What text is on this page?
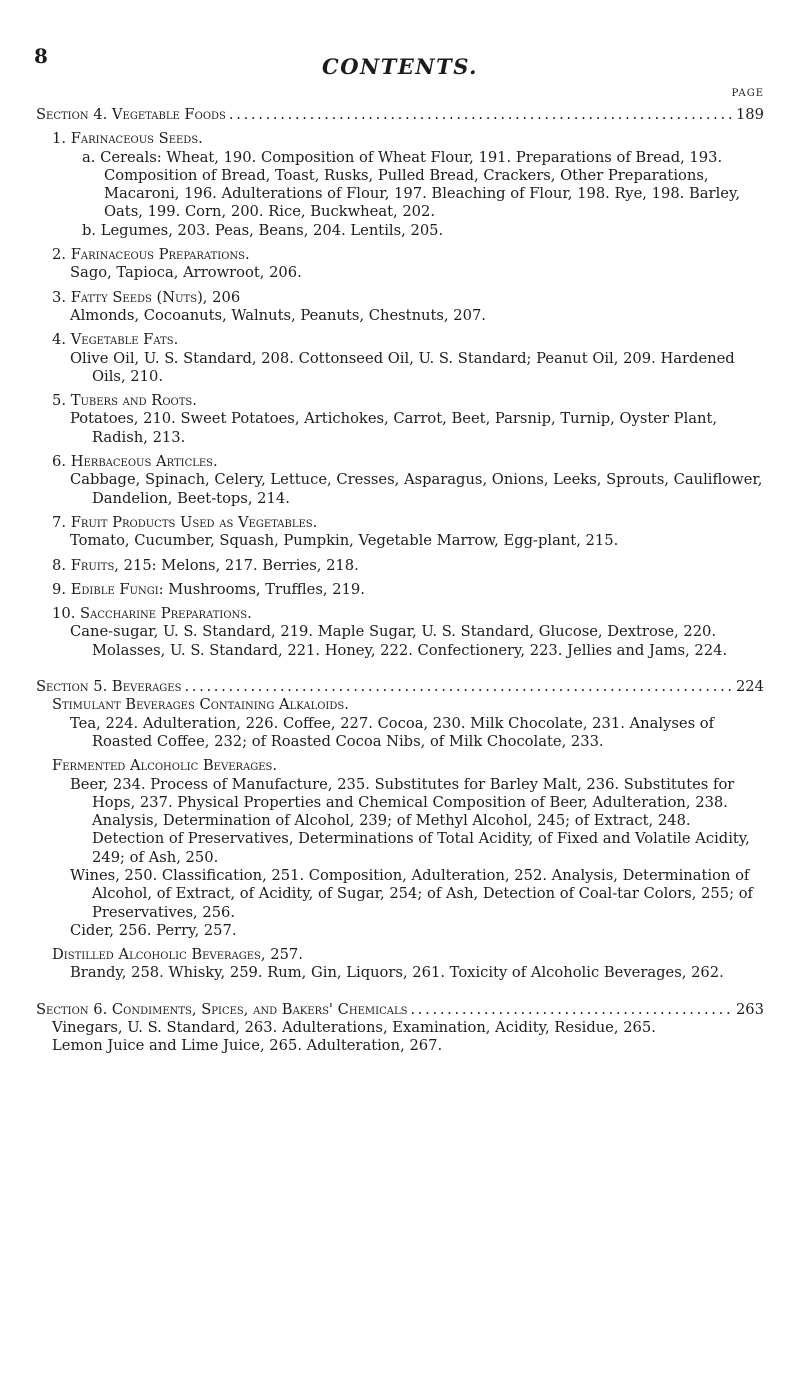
8	CONTENTS.
PAGE
Section 4. Vegetable Foods . . .	189
1. Farinaceous Seeds.
a. Cereals: Wheat, 190. Composition of Wheat Flour, 191. Preparations of Bread, 193. Composition of Bread, Toast, Rusks, Pulled Bread, Crackers, Other Preparations, Macaroni, 196. Adulterations of Flour, 197. Bleaching of Flour, 198. Rye, 198. Barley, Oats, 199. Corn, 200. Rice, Buckwheat, 202.
b. Legumes, 203. Peas, Beans, 204. Lentils, 205.
2. Farinaceous Preparations.
Sago, Tapioca, Arrowroot, 206.
3. Fatty Seeds (Nuts), 206
Almonds, Cocoanuts, Walnuts, Peanuts, Chestnuts, 207.
4. Vegetable Fats.
Olive Oil, U. S. Standard, 208. Cottonseed Oil, U. S. Standard; Peanut Oil, 209. Hardened Oils, 210.
5. Tubers and Roots.
Potatoes, 210. Sweet Potatoes, Artichokes, Carrot, Beet, Parsnip, Turnip, Oyster Plant, Radish, 213.
6. Herbaceous Articles.
Cabbage, Spinach, Celery, Lettuce, Cresses, Asparagus, Onions, Leeks, Sprouts, Cauliflower, Dandelion, Beet-tops, 214.
7. Fruit Products Used as Vegetables.
Tomato, Cucumber, Squash, Pumpkin, Vegetable Marrow, Egg-plant, 215.
8. Fruits, 215: Melons, 217. Berries, 218.
9. Edible Fungi: Mushrooms, Truffles, 219.
10. Saccharine Preparations.
Cane-sugar, U. S. Standard, 219. Maple Sugar, U. S. Standard, Glucose, Dextrose, 220. Molasses, U. S. Standard, 221. Honey, 222. Confectionery, 223. Jellies and Jams, 224.
Section 5. Beverages . . .	224
Stimulant Beverages Containing Alkaloids.
Tea, 224. Adulteration, 226. Coffee, 227. Cocoa, 230. Milk Chocolate, 231. Analyses of Roasted Coffee, 232; of Roasted Cocoa Nibs, of Milk Chocolate, 233.
Fermented Alcoholic Beverages.
Beer, 234. Process of Manufacture, 235. Substitutes for Barley Malt, 236. Substitutes for Hops, 237. Physical Properties and Chemical Composition of Beer, Adulteration, 238. Analysis, Determination of Alcohol, 239; of Methyl Alcohol, 245; of Extract, 248. Detection of Preservatives, Determinations of Total Acidity, of Fixed and Volatile Acidity, 249; of Ash, 250.
Wines, 250. Classification, 251. Composition, Adulteration, 252. Analysis, Determination of Alcohol, of Extract, of Acidity, of Sugar, 254; of Ash, Detection of Coal-tar Colors, 255; of Preservatives, 256.
Cider, 256. Perry, 257.
Distilled Alcoholic Beverages, 257.
Brandy, 258. Whisky, 259. Rum, Gin, Liquors, 261. Toxicity of Alcoholic Beverages, 262.
Section 6. Condiments, Spices, and Bakers' Chemicals . . .	263
Vinegars, U. S. Standard, 263. Adulterations, Examination, Acidity, Residue, 265.
Lemon Juice and Lime Juice, 265. Adulteration, 267.
